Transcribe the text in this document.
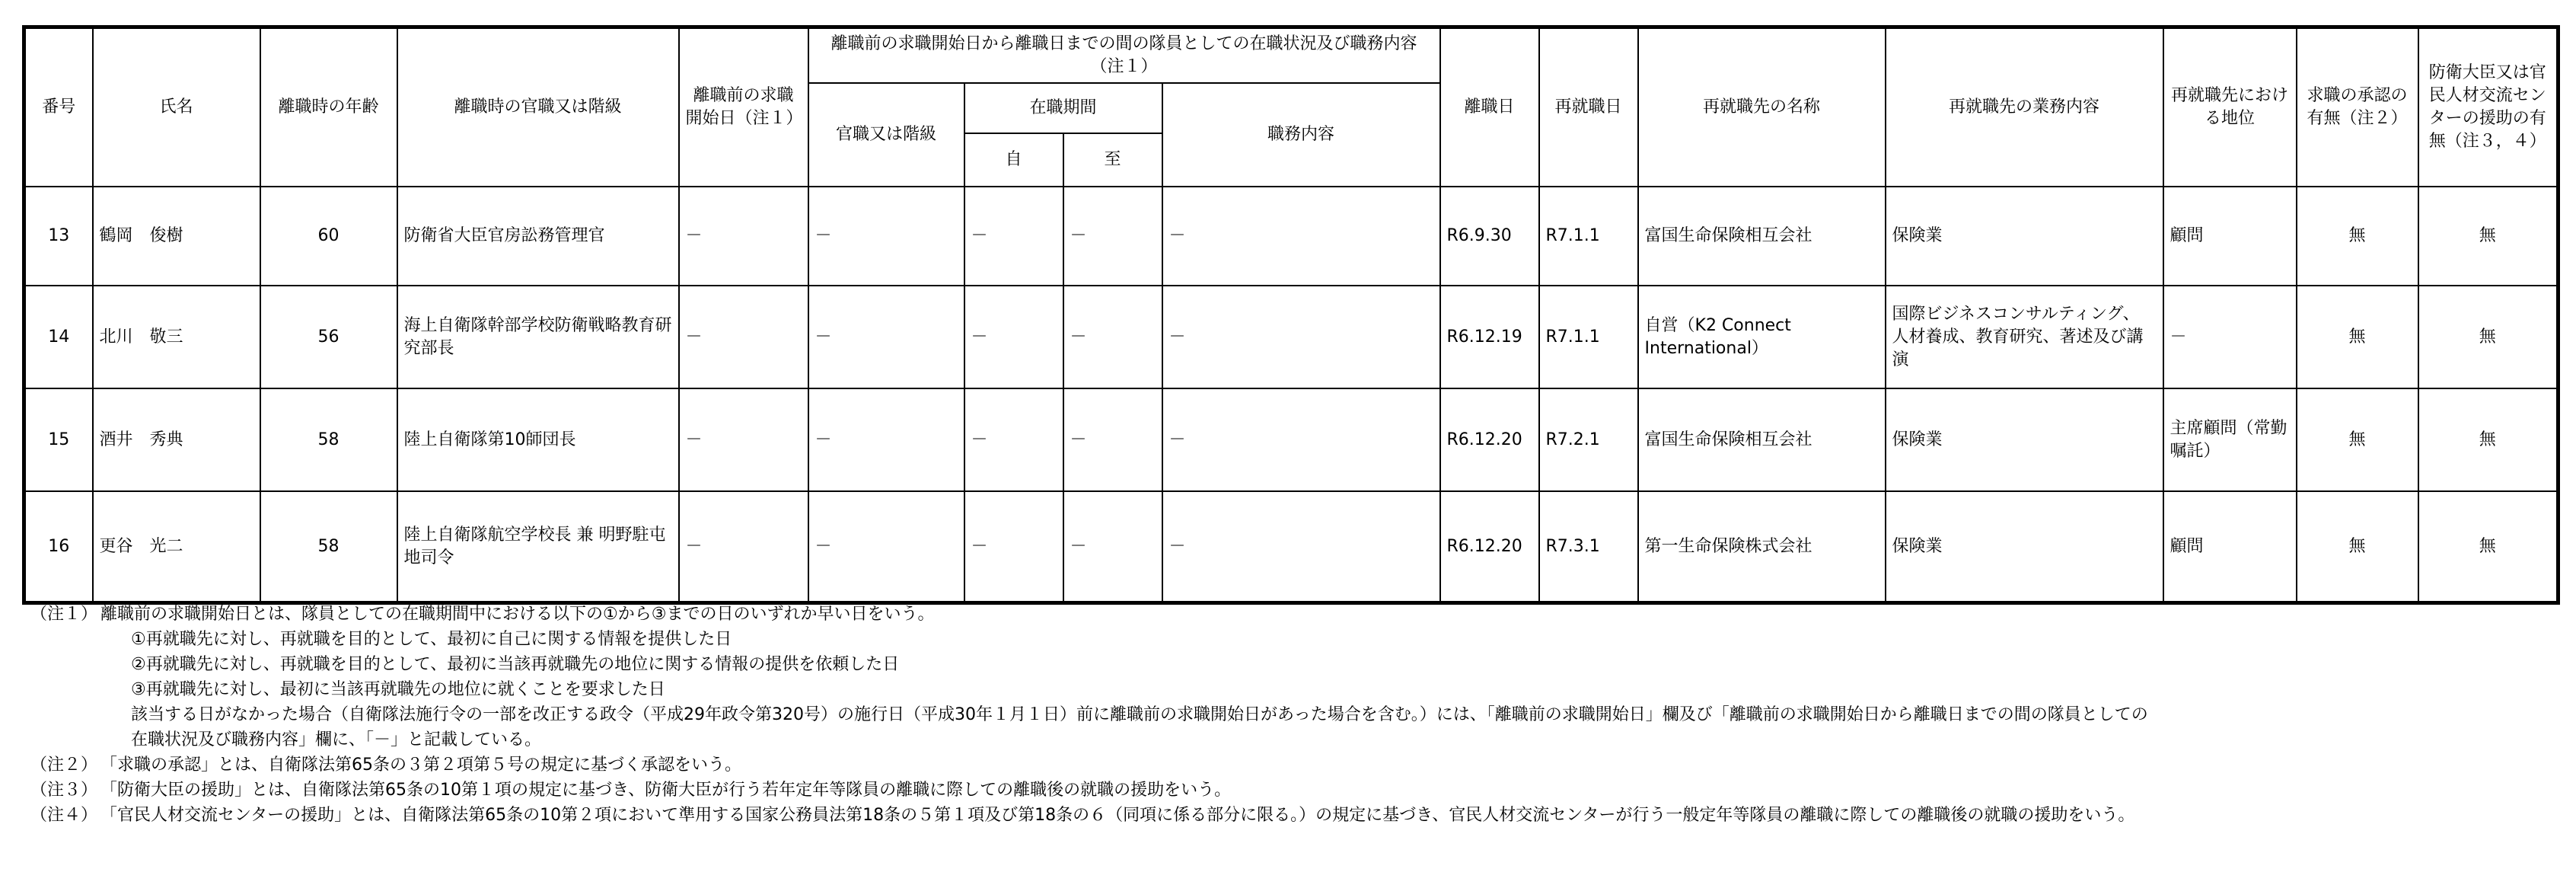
番号	氏名	離職時の年齢	離職時の官職又は階級	離職前の求職開始日（注１）	離職前の求職開始日から離職日までの間の隊員としての在職状況及び職務内容（注１）				離職日	再就職日	再就職先の名称	再就職先の業務内容	再就職先における地位	求職の承認の有無（注２）	防衛大臣又は官民人材交流センターの援助の有無（注３，４）
					官職又は階級	在職期間		職務内容							
						自	至								
13	鶴岡　俊樹	60	防衛省大臣官房訟務管理官	－	－	－	－	－	R6.9.30	R7.1.1	富国生命保険相互会社	保険業	顧問	無	無
14	北川　敬三	56	海上自衛隊幹部学校防衛戦略教育研究部長	－	－	－	－	－	R6.12.19	R7.1.1	自営（K2 Connect International）	国際ビジネスコンサルティング、人材養成、教育研究、著述及び講演	－	無	無
15	酒井　秀典	58	陸上自衛隊第10師団長	－	－	－	－	－	R6.12.20	R7.2.1	富国生命保険相互会社	保険業	主席顧問（常勤嘱託）	無	無
16	更谷　光二	58	陸上自衛隊航空学校長 兼 明野駐屯地司令	－	－	－	－	－	R6.12.20	R7.3.1	第一生命保険株式会社	保険業	顧問	無	無
（注１） 離職前の求職開始日とは、隊員としての在職期間中における以下の①から③までの日のいずれか早い日をいう。
①再就職先に対し、再就職を目的として、最初に自己に関する情報を提供した日
②再就職先に対し、再就職を目的として、最初に当該再就職先の地位に関する情報の提供を依頼した日
③再就職先に対し、最初に当該再就職先の地位に就くことを要求した日
該当する日がなかった場合（自衛隊法施行令の一部を改正する政令（平成29年政令第320号）の施行日（平成30年１月１日）前に離職前の求職開始日があった場合を含む。）には、「離職前の求職開始日」欄及び「離職前の求職開始日から離職日までの間の隊員としての
在職状況及び職務内容」欄に、「－」と記載している。
（注２） 「求職の承認」とは、自衛隊法第65条の３第２項第５号の規定に基づく承認をいう。
（注３） 「防衛大臣の援助」とは、自衛隊法第65条の10第１項の規定に基づき、防衛大臣が行う若年定年等隊員の離職に際しての離職後の就職の援助をいう。
（注４） 「官民人材交流センターの援助」とは、自衛隊法第65条の10第２項において準用する国家公務員法第18条の５第１項及び第18条の６（同項に係る部分に限る。）の規定に基づき、官民人材交流センターが行う一般定年等隊員の離職に際しての離職後の就職の援助をいう。
